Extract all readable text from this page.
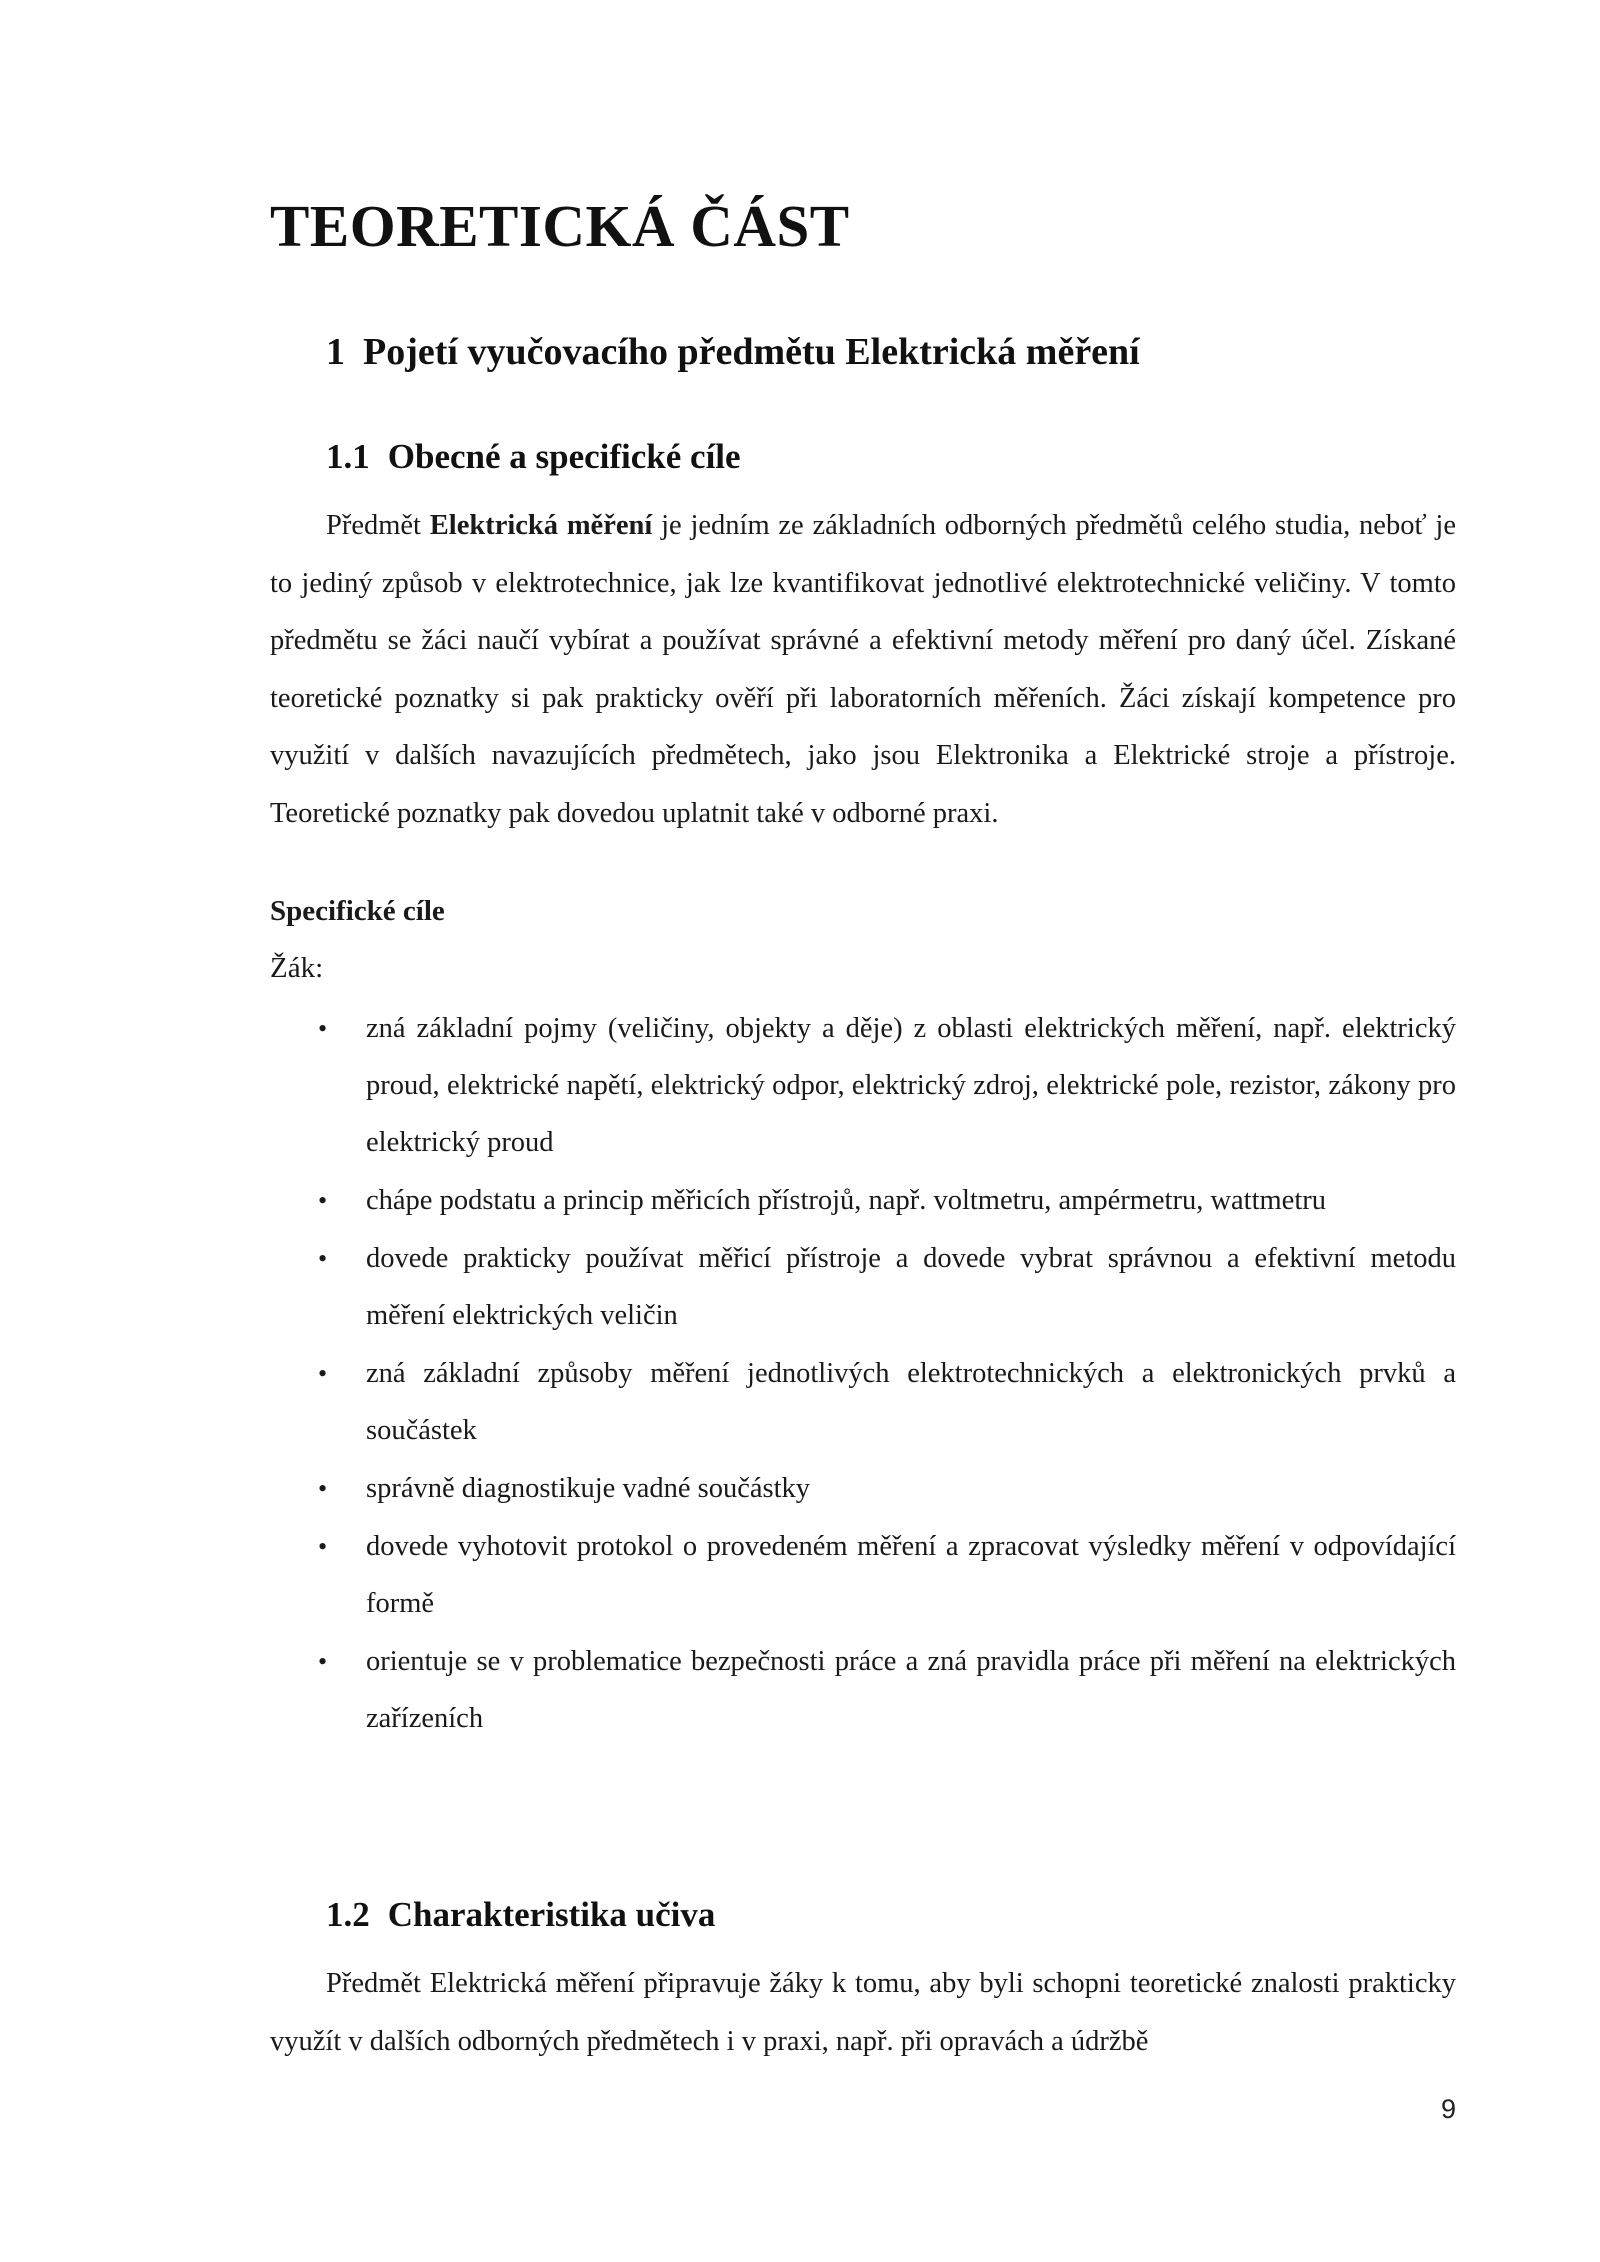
TEORETICKÁ ČÁST
1 Pojetí vyučovacího předmětu Elektrická měření
1.1 Obecné a specifické cíle

Předmět Elektrická měření je jedním ze základních odborných předmětů celého studia, neboť je to jediný způsob v elektrotechnice, jak lze kvantifikovat jednotlivé elektrotechnické veličiny. V tomto předmětu se žáci naučí vybírat a používat správné a efektivní metody měření pro daný účel. Získané teoretické poznatky si pak prakticky ověří při laboratorních měřeních. Žáci získají kompetence pro využití v dalších navazujících předmětech, jako jsou Elektronika a Elektrické stroje a přístroje. Teoretické poznatky pak dovedou uplatnit také v odborné praxi.

Specifické cíle

Žák:

• zná základní pojmy (veličiny, objekty a děje) z oblasti elektrických měření, např. elektrický proud, elektrické napětí, elektrický odpor, elektrický zdroj, elektrické pole, rezistor, zákony pro elektrický proud
• chápe podstatu a princip měřicích přístrojů, např. voltmetru, ampérmetru, wattmetru
• dovede prakticky používat měřicí přístroje a dovede vybrat správnou a efektivní metodu měření elektrických veličin
• zná základní způsoby měření jednotlivých elektrotechnických a elektronických prvků a součástek
• správně diagnostikuje vadné součástky
• dovede vyhotovit protokol o provedeném měření a zpracovat výsledky měření v odpovídající formě
• orientuje se v problematice bezpečnosti práce a zná pravidla práce při měření na elektrických zařízeních
1.2 Charakteristika učiva

Předmět Elektrická měření připravuje žáky k tomu, aby byli schopni teoretické znalosti prakticky využít v dalších odborných předmětech i v praxi, např. při opravách a údržbě

9
